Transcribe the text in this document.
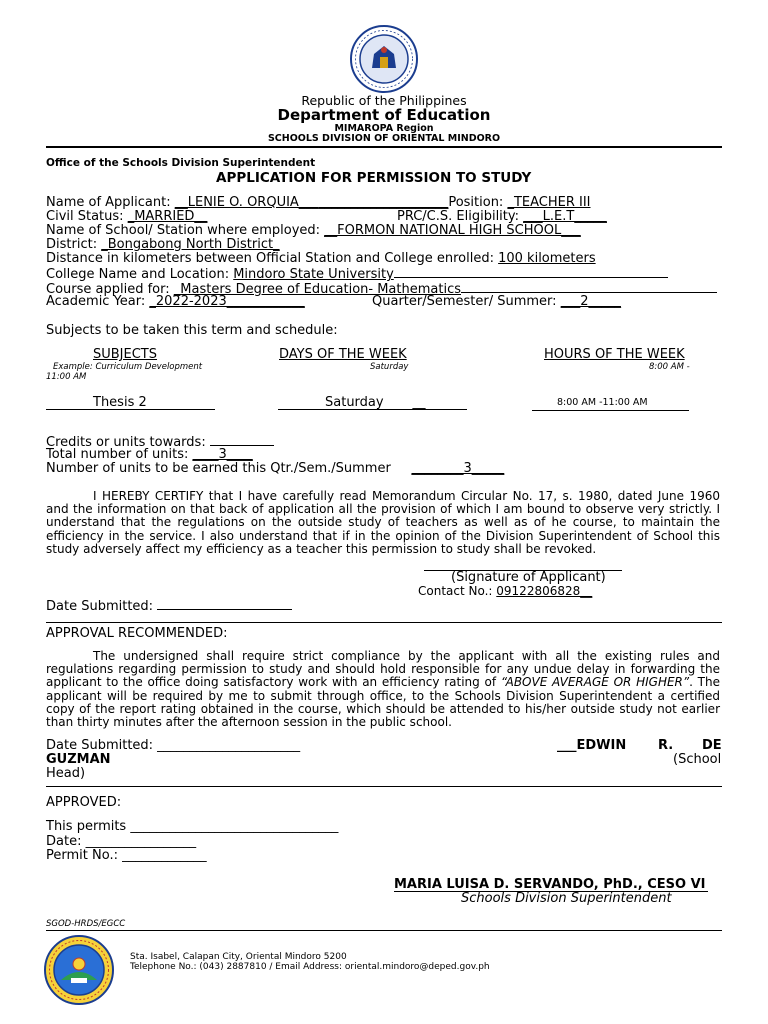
Republic of the Philippines
Department of Education
MIMAROPA Region
SCHOOLS DIVISION OF ORIENTAL MINDORO
Office of the Schools Division Superintendent
APPLICATION FOR PERMISSION TO STUDY
Name of Applicant: __LENIE O. ORQUIA_______________________Position: _TEACHER III
Civil Status: _MARRIED__	PRC/C.S. Eligibility: ___L.E.T_____
Name of School/ Station where employed: __FORMON NATIONAL HIGH SCHOOL___
District: _Bongabong North District_
Distance in kilometers between Official Station and College enrolled: 100 kilometers
College Name and Location: Mindoro State University
Course applied for: _Masters Degree of Education- Mathematics
Academic Year: _2022-2023____________	Quarter/Semester/ Summer: ___2_____
Subjects to be taken this term and schedule:
SUBJECTS	DAYS OF THE WEEK	HOURS OF THE WEEK
Example: Curriculum Development	Saturday	8:00 AM -
11:00 AM
Thesis 2	Saturday __	8:00 AM -11:00 AM
Credits or units towards:
Total number of units: ____3____
Number of units to be earned this Qtr./Sem./Summer     ________3_____
I HEREBY CERTIFY that I have carefully read Memorandum Circular No. 17, s. 1980, dated June 1960 and the information on that back of application all the provision of which I am bound to observe very strictly. I understand that the regulations on the outside study of teachers as well as of he course, to maintain the efficiency in the service. I also understand that if in the opinion of the Division Superintendent of School this study adversely affect my efficiency as a teacher this permission to study shall be revoked.
(Signature of Applicant)
Contact No.: 09122806828__
Date Submitted:
APPROVAL RECOMMENDED:
The undersigned shall require strict compliance by the applicant with all the existing rules and regulations regarding permission to study and should hold responsible for any undue delay in forwarding the applicant to the office doing satisfactory work with an efficiency rating of “ABOVE AVERAGE OR HIGHER”. The applicant will be required by me to submit through office, to the Schools Division Superintendent a certified copy of the report rating obtained in the course, which should be attended to his/her outside study not earlier than thirty minutes after the afternoon session in the public school.
Date Submitted: ______________________	___EDWIN R. DE
GUZMAN	(School
Head)
APPROVED:
This permits ________________________________
Date: _________________
Permit No.: _____________
MARIA LUISA D. SERVANDO, PhD., CESO VI
Schools Division Superintendent
SGOD-HRDS/EGCC
Sta. Isabel, Calapan City, Oriental Mindoro 5200
Telephone No.: (043) 2887810 / Email Address: oriental.mindoro@deped.gov.ph
